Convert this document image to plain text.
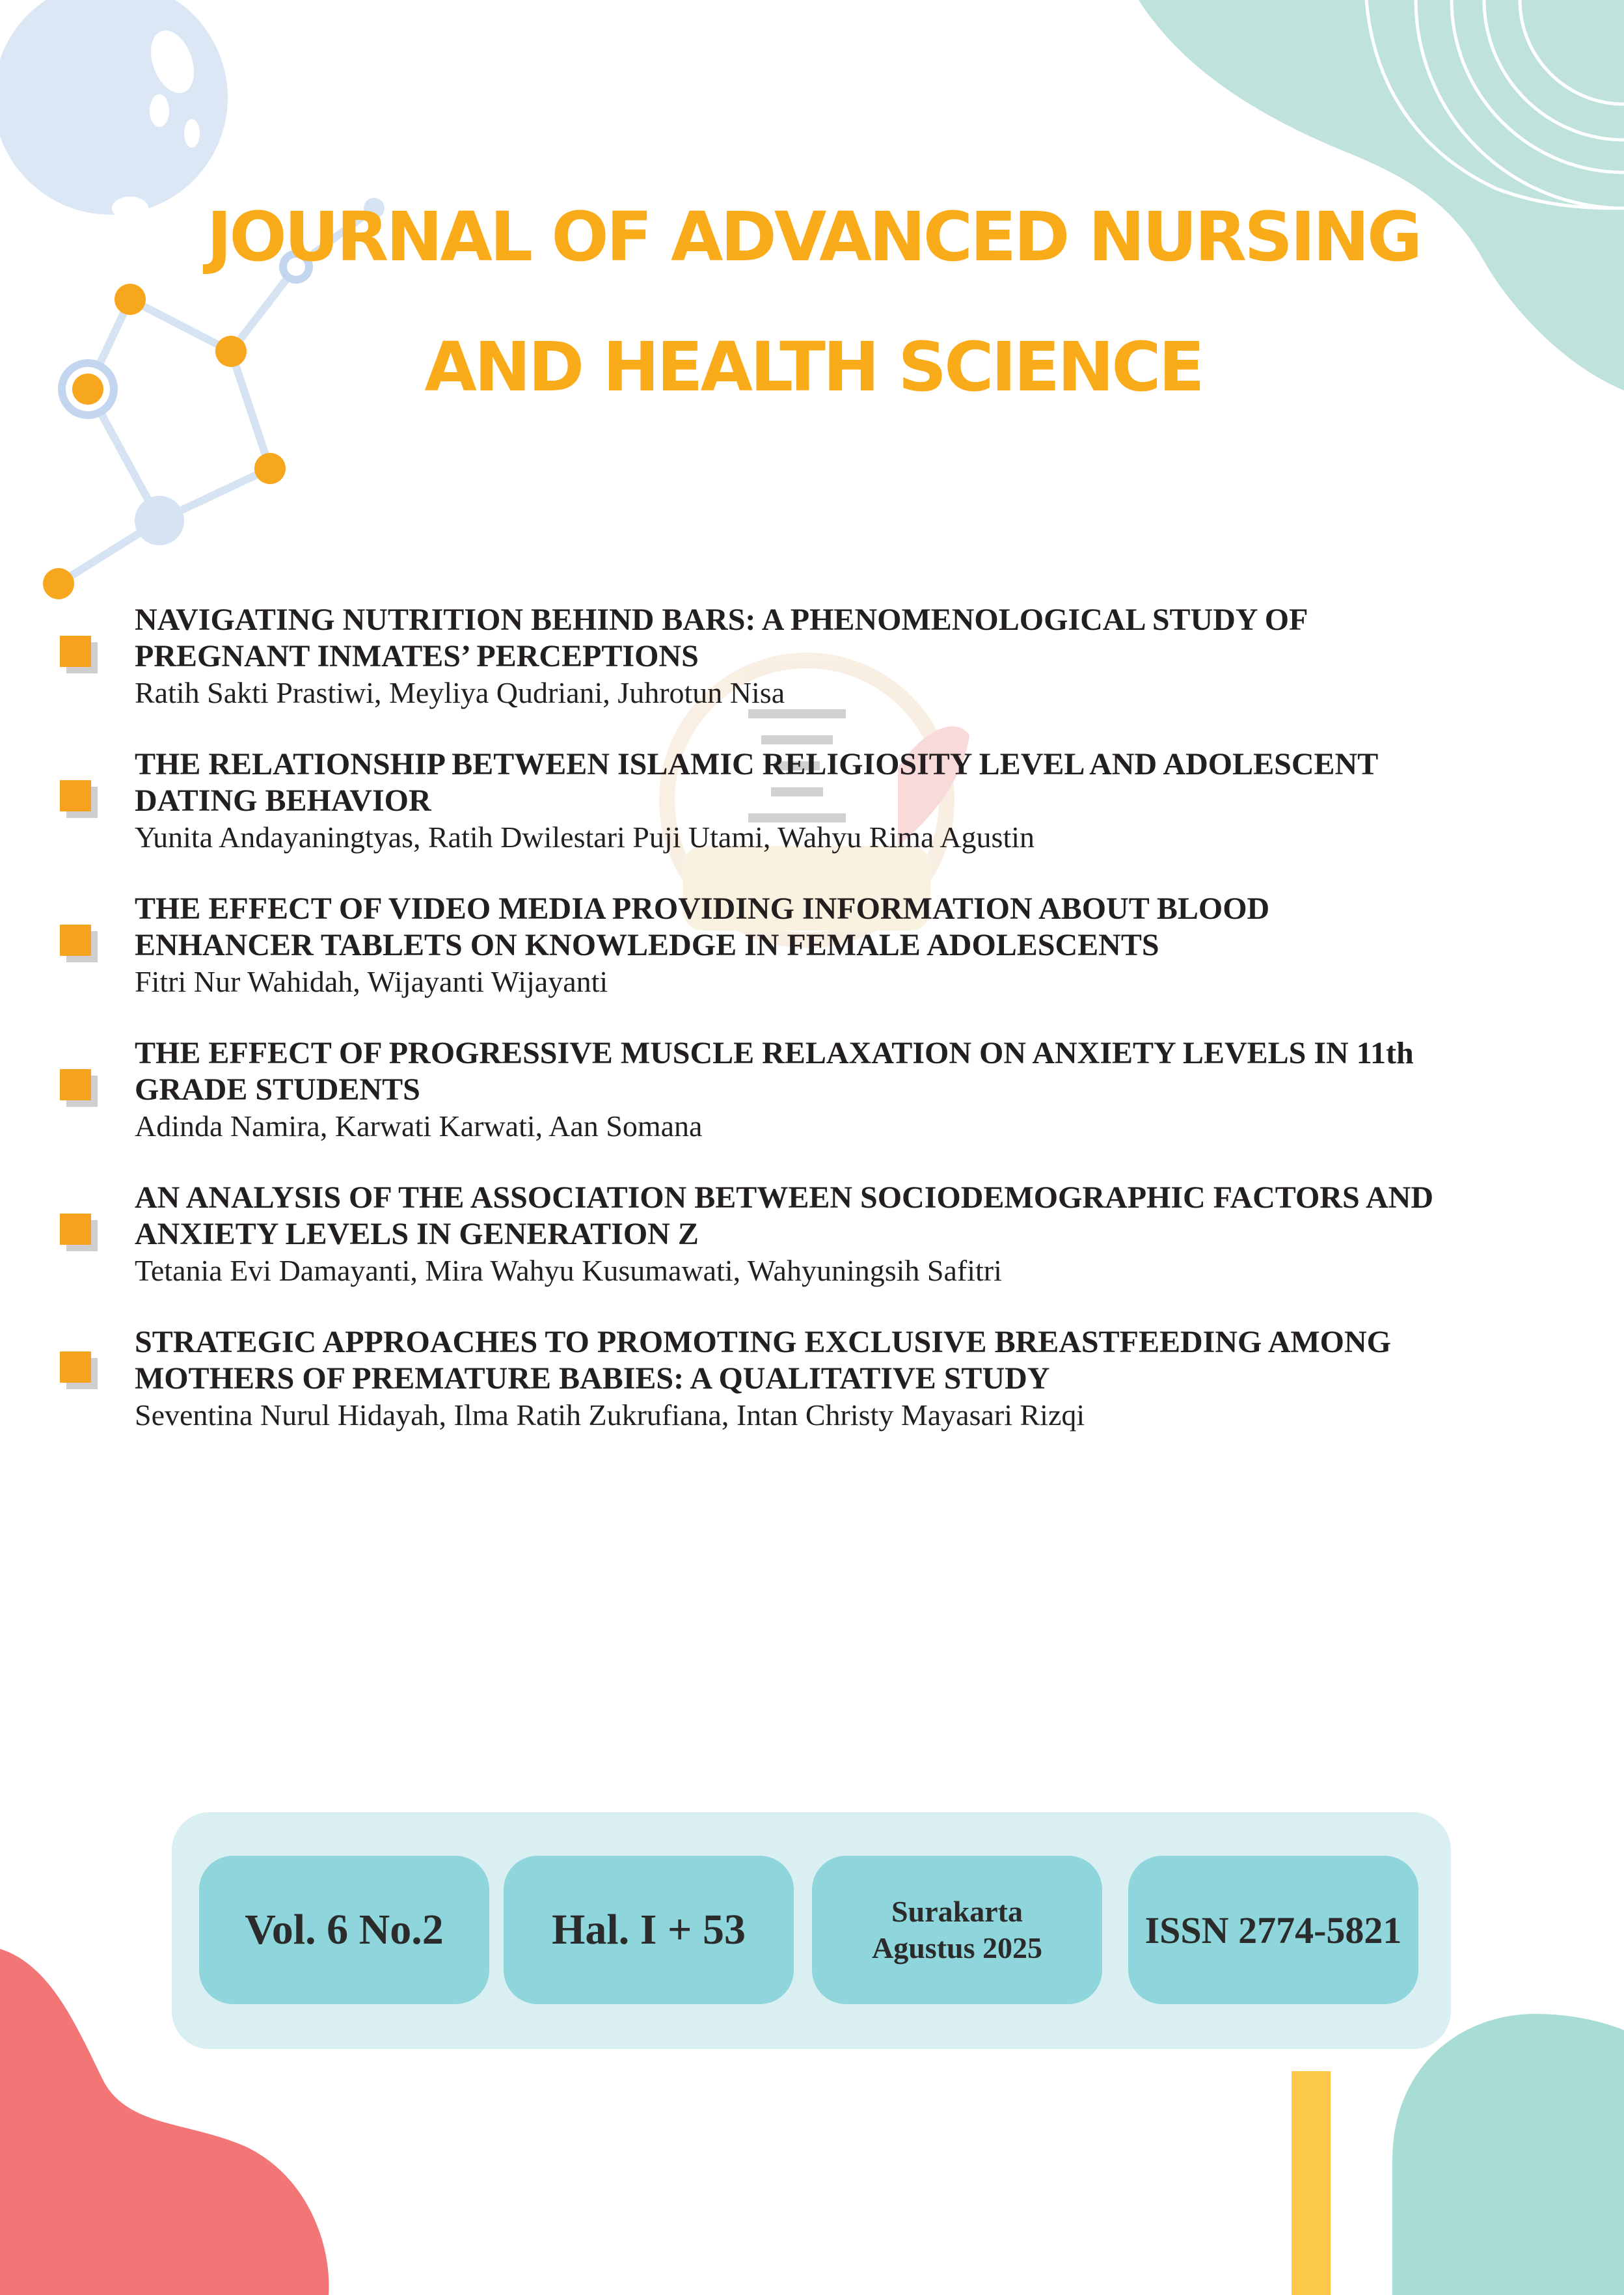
JOURNAL OF ADVANCED NURSING
AND HEALTH SCIENCE
NAVIGATING NUTRITION BEHIND BARS: A PHENOMENOLOGICAL STUDY OF
PREGNANT INMATES’ PERCEPTIONS
Ratih Sakti Prastiwi, Meyliya Qudriani, Juhrotun Nisa
THE RELATIONSHIP BETWEEN ISLAMIC RELIGIOSITY LEVEL AND ADOLESCENT
DATING BEHAVIOR
Yunita Andayaningtyas, Ratih Dwilestari Puji Utami, Wahyu Rima Agustin
THE EFFECT OF VIDEO MEDIA PROVIDING INFORMATION ABOUT BLOOD
ENHANCER TABLETS ON KNOWLEDGE IN FEMALE ADOLESCENTS
Fitri Nur Wahidah, Wijayanti Wijayanti
THE EFFECT OF PROGRESSIVE MUSCLE RELAXATION ON ANXIETY LEVELS IN 11th
GRADE STUDENTS
Adinda Namira, Karwati Karwati, Aan Somana
AN ANALYSIS OF THE ASSOCIATION BETWEEN SOCIODEMOGRAPHIC FACTORS AND
ANXIETY LEVELS IN GENERATION Z
Tetania Evi Damayanti, Mira Wahyu Kusumawati, Wahyuningsih Safitri
STRATEGIC APPROACHES TO PROMOTING EXCLUSIVE BREASTFEEDING AMONG
MOTHERS OF PREMATURE BABIES: A QUALITATIVE STUDY
Seventina Nurul Hidayah, Ilma Ratih Zukrufiana, Intan Christy Mayasari Rizqi
Vol. 6 No.2	Hal. I + 53	Surakarta
Agustus 2025	ISSN 2774-5821
